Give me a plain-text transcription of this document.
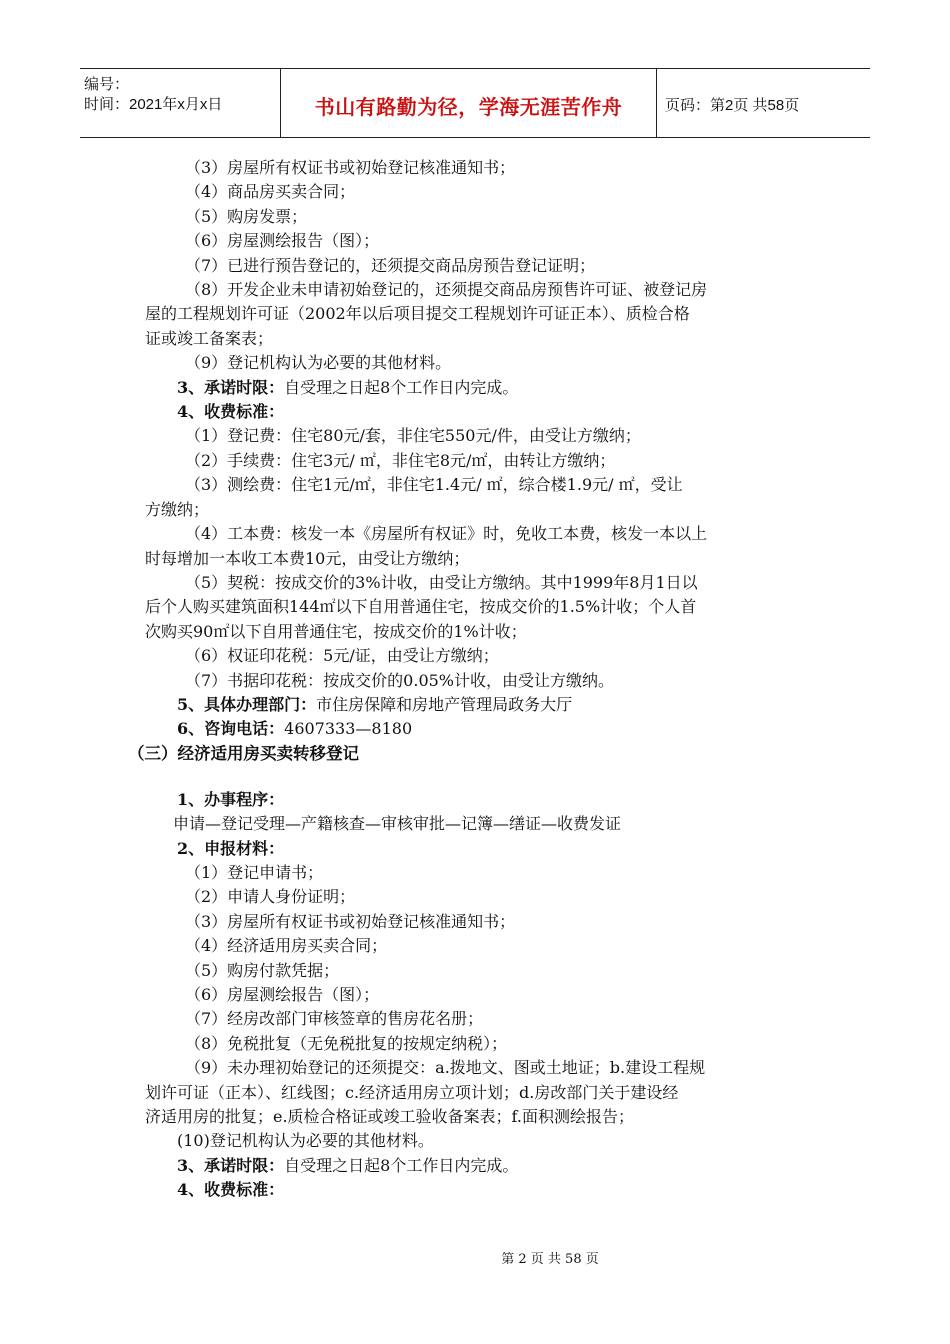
编号：
时间：2021年x月x日	书山有路勤为径，学海无涯苦作舟	页码：第2页 共58页
（3）房屋所有权证书或初始登记核准通知书；
（4）商品房买卖合同；
（5）购房发票；
（6）房屋测绘报告（图）；
（7）已进行预告登记的，还须提交商品房预告登记证明；
（8）开发企业未申请初始登记的，还须提交商品房预售许可证、被登记房
屋的工程规划许可证（2002年以后项目提交工程规划许可证正本）、质检合格
证或竣工备案表；
（9）登记机构认为必要的其他材料。
3、承诺时限：自受理之日起8个工作日内完成。
4、收费标准：
（1）登记费：住宅80元/套，非住宅550元/件，由受让方缴纳；
（2）手续费：住宅3元/ ㎡，非住宅8元/㎡，由转让方缴纳；
（3）测绘费：住宅1元/㎡，非住宅1.4元/ ㎡，综合楼1.9元/ ㎡，受让
方缴纳；
（4）工本费：核发一本《房屋所有权证》时，免收工本费，核发一本以上
时每增加一本收工本费10元，由受让方缴纳；
（5）契税：按成交价的3%计收，由受让方缴纳。其中1999年8月1日以
后个人购买建筑面积144㎡以下自用普通住宅，按成交价的1.5%计收；个人首
次购买90㎡以下自用普通住宅，按成交价的1%计收；
（6）权证印花税：5元/证，由受让方缴纳；
（7）书据印花税：按成交价的0.05%计收，由受让方缴纳。
5、具体办理部门：市住房保障和房地产管理局政务大厅
6、咨询电话：4607333—8180
（三）经济适用房买卖转移登记
1、办事程序：
申请—登记受理—产籍核查—审核审批—记簿—缮证—收费发证
2、申报材料：
（1）登记申请书；
（2）申请人身份证明；
（3）房屋所有权证书或初始登记核准通知书；
（4）经济适用房买卖合同；
（5）购房付款凭据；
（6）房屋测绘报告（图）；
（7）经房改部门审核签章的售房花名册；
（8）免税批复（无免税批复的按规定纳税）；
（9）未办理初始登记的还须提交：a.拨地文、图或土地证；b.建设工程规
划许可证（正本）、红线图；c.经济适用房立项计划；d.房改部门关于建设经
济适用房的批复；e.质检合格证或竣工验收备案表；f.面积测绘报告；
(10)登记机构认为必要的其他材料。
3、承诺时限：自受理之日起8个工作日内完成。
4、收费标准：
第 2 页 共 58 页
